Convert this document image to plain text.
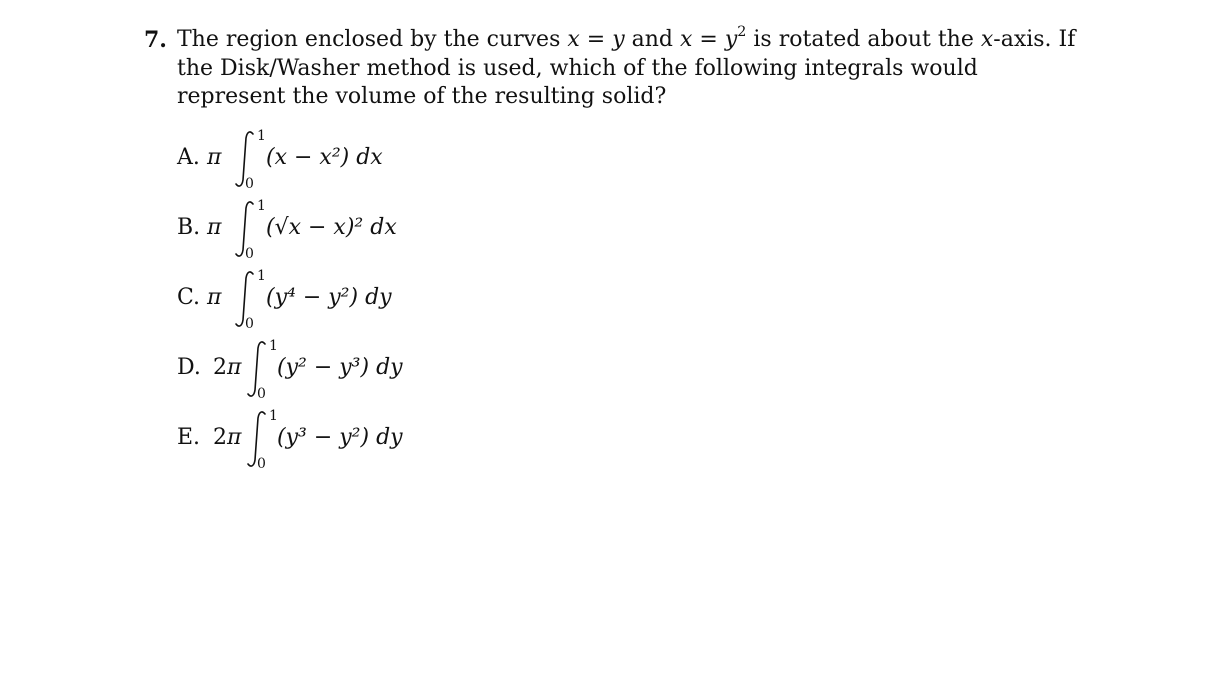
7. The region enclosed by the curves x = y and $x = y^2$ is rotated about the x-axis. If the Disk/Washer method is used, which of the following integrals would represent the volume of the resulting solid?
A. π
1
0
(x − x²) dx
B. π
1
0
(√x − x)² dx
C. π
1
0
(y⁴ − y²) dy
D. 2π
1
0
(y² − y³) dy
E. 2π
1
0
(y³ − y²) dy
